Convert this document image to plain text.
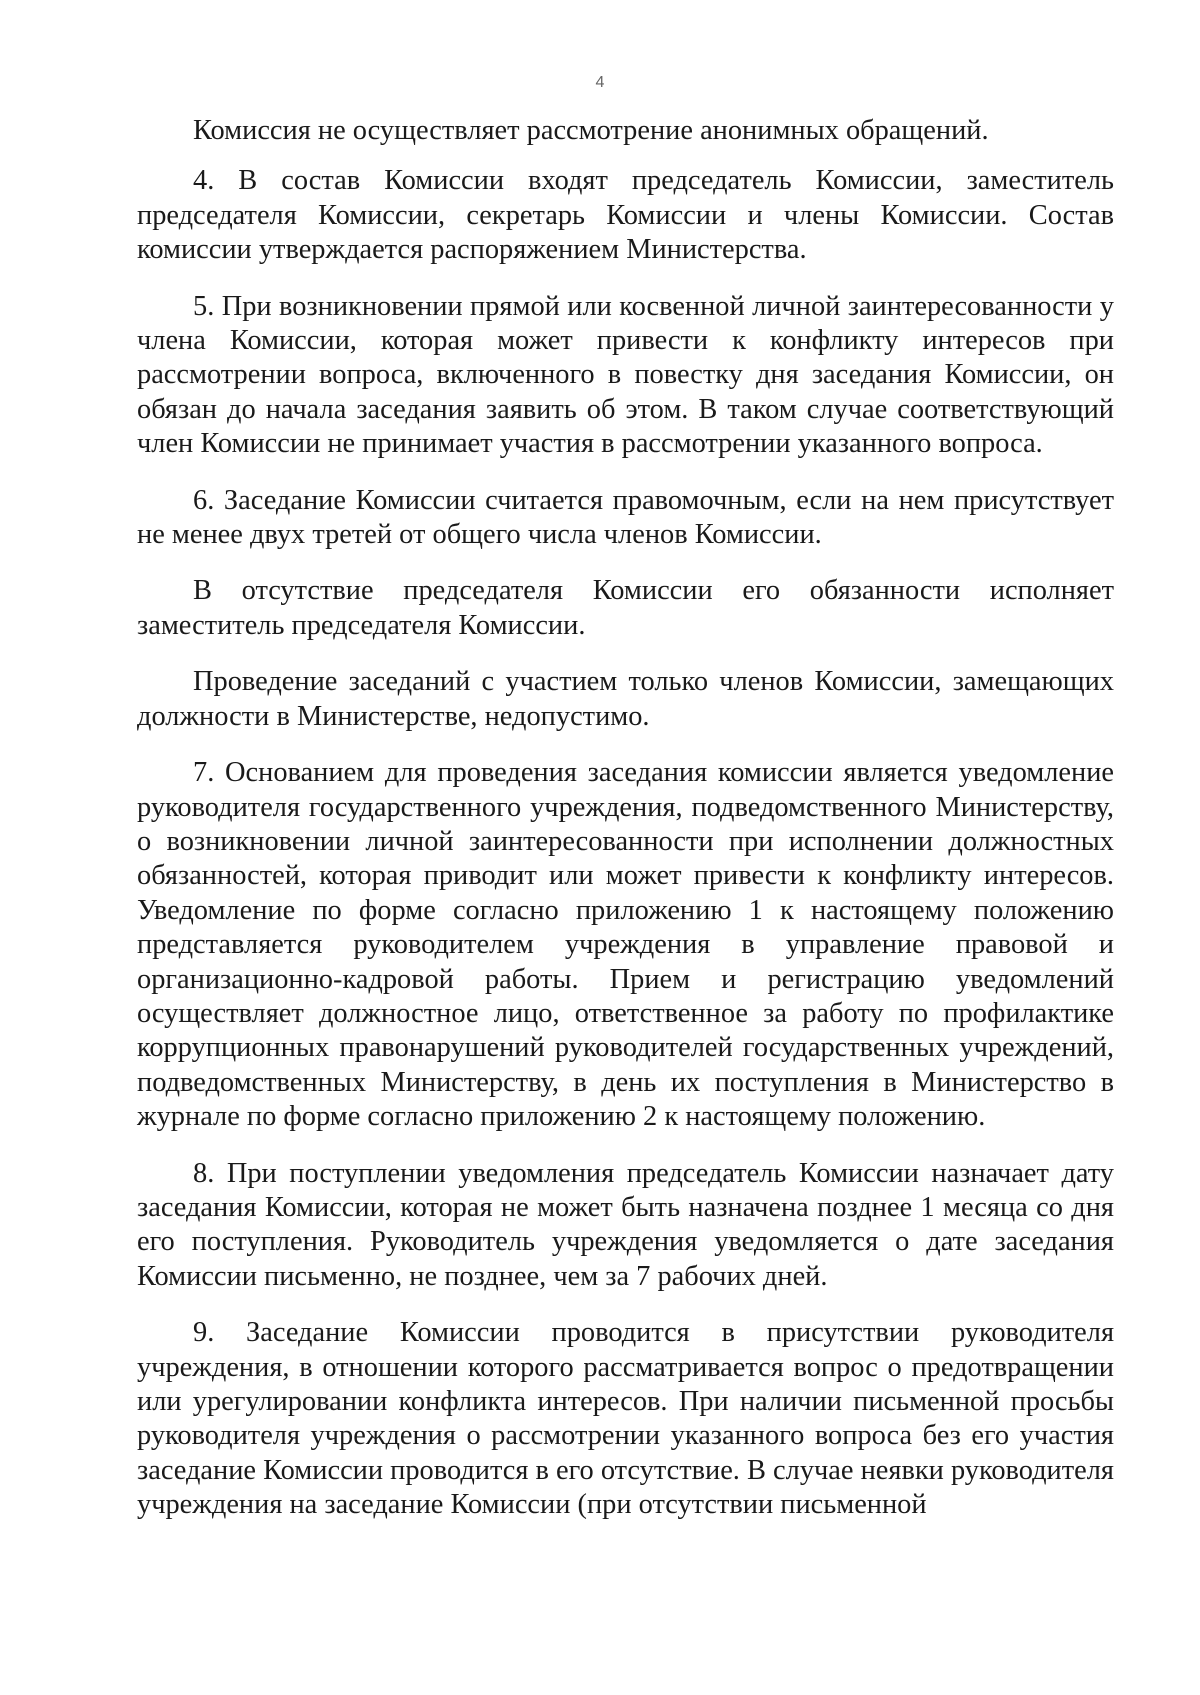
4

Комиссия не осуществляет рассмотрение анонимных обращений.

4. В состав Комиссии входят председатель Комиссии, заместитель председателя Комиссии, секретарь Комиссии и члены Комиссии. Состав комиссии утверждается распоряжением Министерства.

5. При возникновении прямой или косвенной личной заинтересованности у члена Комиссии, которая может привести к конфликту интересов при рассмотрении вопроса, включенного в повестку дня заседания Комиссии, он обязан до начала заседания заявить об этом. В таком случае соответствующий член Комиссии не принимает участия в рассмотрении указанного вопроса.

6. Заседание Комиссии считается правомочным, если на нем присутствует не менее двух третей от общего числа членов Комиссии.

В отсутствие председателя Комиссии его обязанности исполняет заместитель председателя Комиссии.

Проведение заседаний с участием только членов Комиссии, замещающих должности в Министерстве, недопустимо.

7. Основанием для проведения заседания комиссии является уведомление руководителя государственного учреждения, подведомственного Министерству, о возникновении личной заинтересованности при исполнении должностных обязанностей, которая приводит или может привести к конфликту интересов. Уведомление по форме согласно приложению 1 к настоящему положению представляется руководителем учреждения в управление правовой и организационно-кадровой работы. Прием и регистрацию уведомлений осуществляет должностное лицо, ответственное за работу по профилактике коррупционных правонарушений руководителей государственных учреждений, подведомственных Министерству, в день их поступления в Министерство в журнале по форме согласно приложению 2 к настоящему положению.

8. При поступлении уведомления председатель Комиссии назначает дату заседания Комиссии, которая не может быть назначена позднее 1 месяца со дня его поступления. Руководитель учреждения уведомляется о дате заседания Комиссии письменно, не позднее, чем за 7 рабочих дней.

9. Заседание Комиссии проводится в присутствии руководителя учреждения, в отношении которого рассматривается вопрос о предотвращении или урегулировании конфликта интересов. При наличии письменной просьбы руководителя учреждения о рассмотрении указанного вопроса без его участия заседание Комиссии проводится в его отсутствие. В случае неявки руководителя учреждения на заседание Комиссии (при отсутствии письменной
